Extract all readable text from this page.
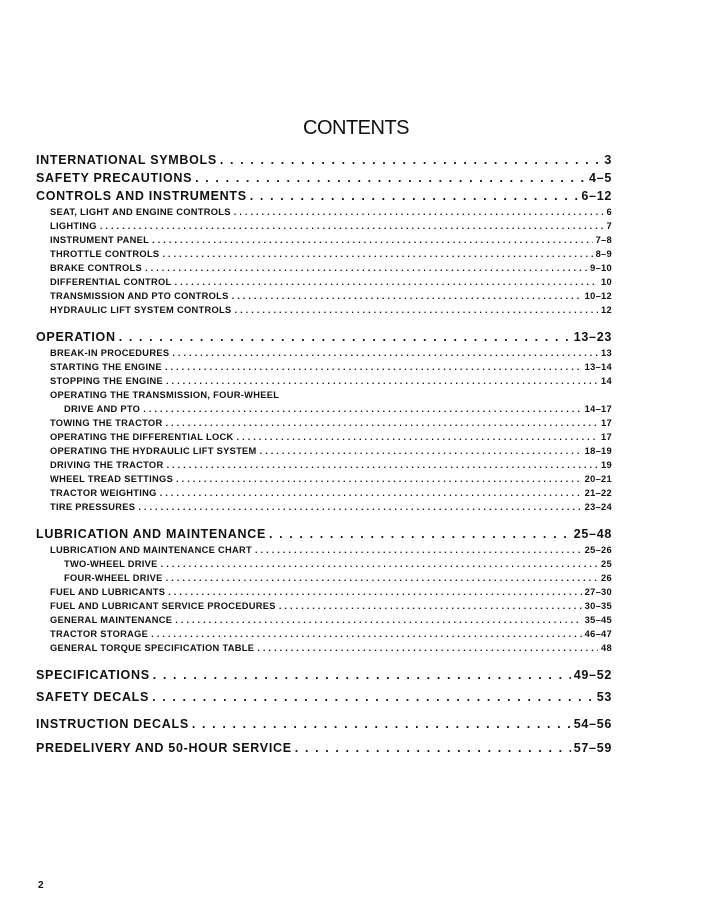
CONTENTS
INTERNATIONAL SYMBOLS . . .	3
SAFETY PRECAUTIONS . . .	4–5
CONTROLS AND INSTRUMENTS . . .	6–12
SEAT, LIGHT AND ENGINE CONTROLS . . .	6
LIGHTING . . .	7
INSTRUMENT PANEL . . .	7–8
THROTTLE CONTROLS . . .	8–9
BRAKE CONTROLS . . .	9–10
DIFFERENTIAL CONTROL . . .	10
TRANSMISSION AND PTO CONTROLS . . .	10–12
HYDRAULIC LIFT SYSTEM CONTROLS . . .	12
OPERATION . . .	13–23
BREAK-IN PROCEDURES . . .	13
STARTING THE ENGINE . . .	13–14
STOPPING THE ENGINE . . .	14
OPERATING THE TRANSMISSION, FOUR-WHEEL
DRIVE AND PTO . . .	14–17
TOWING THE TRACTOR . . .	17
OPERATING THE DIFFERENTIAL LOCK . . .	17
OPERATING THE HYDRAULIC LIFT SYSTEM . . .	18–19
DRIVING THE TRACTOR . . .	19
WHEEL TREAD SETTINGS . . .	20–21
TRACTOR WEIGHTING . . .	21–22
TIRE PRESSURES . . .	23–24
LUBRICATION AND MAINTENANCE . . .	25–48
LUBRICATION AND MAINTENANCE CHART . . .	25–26
TWO-WHEEL DRIVE . . .	25
FOUR-WHEEL DRIVE . . .	26
FUEL AND LUBRICANTS . . .	27–30
FUEL AND LUBRICANT SERVICE PROCEDURES . . .	30–35
GENERAL MAINTENANCE . . .	35–45
TRACTOR STORAGE . . .	46–47
GENERAL TORQUE SPECIFICATION TABLE . . .	48
SPECIFICATIONS . . .	49–52
SAFETY DECALS . . .	53
INSTRUCTION DECALS . . .	54–56
PREDELIVERY AND 50-HOUR SERVICE . . .	57–59
2
